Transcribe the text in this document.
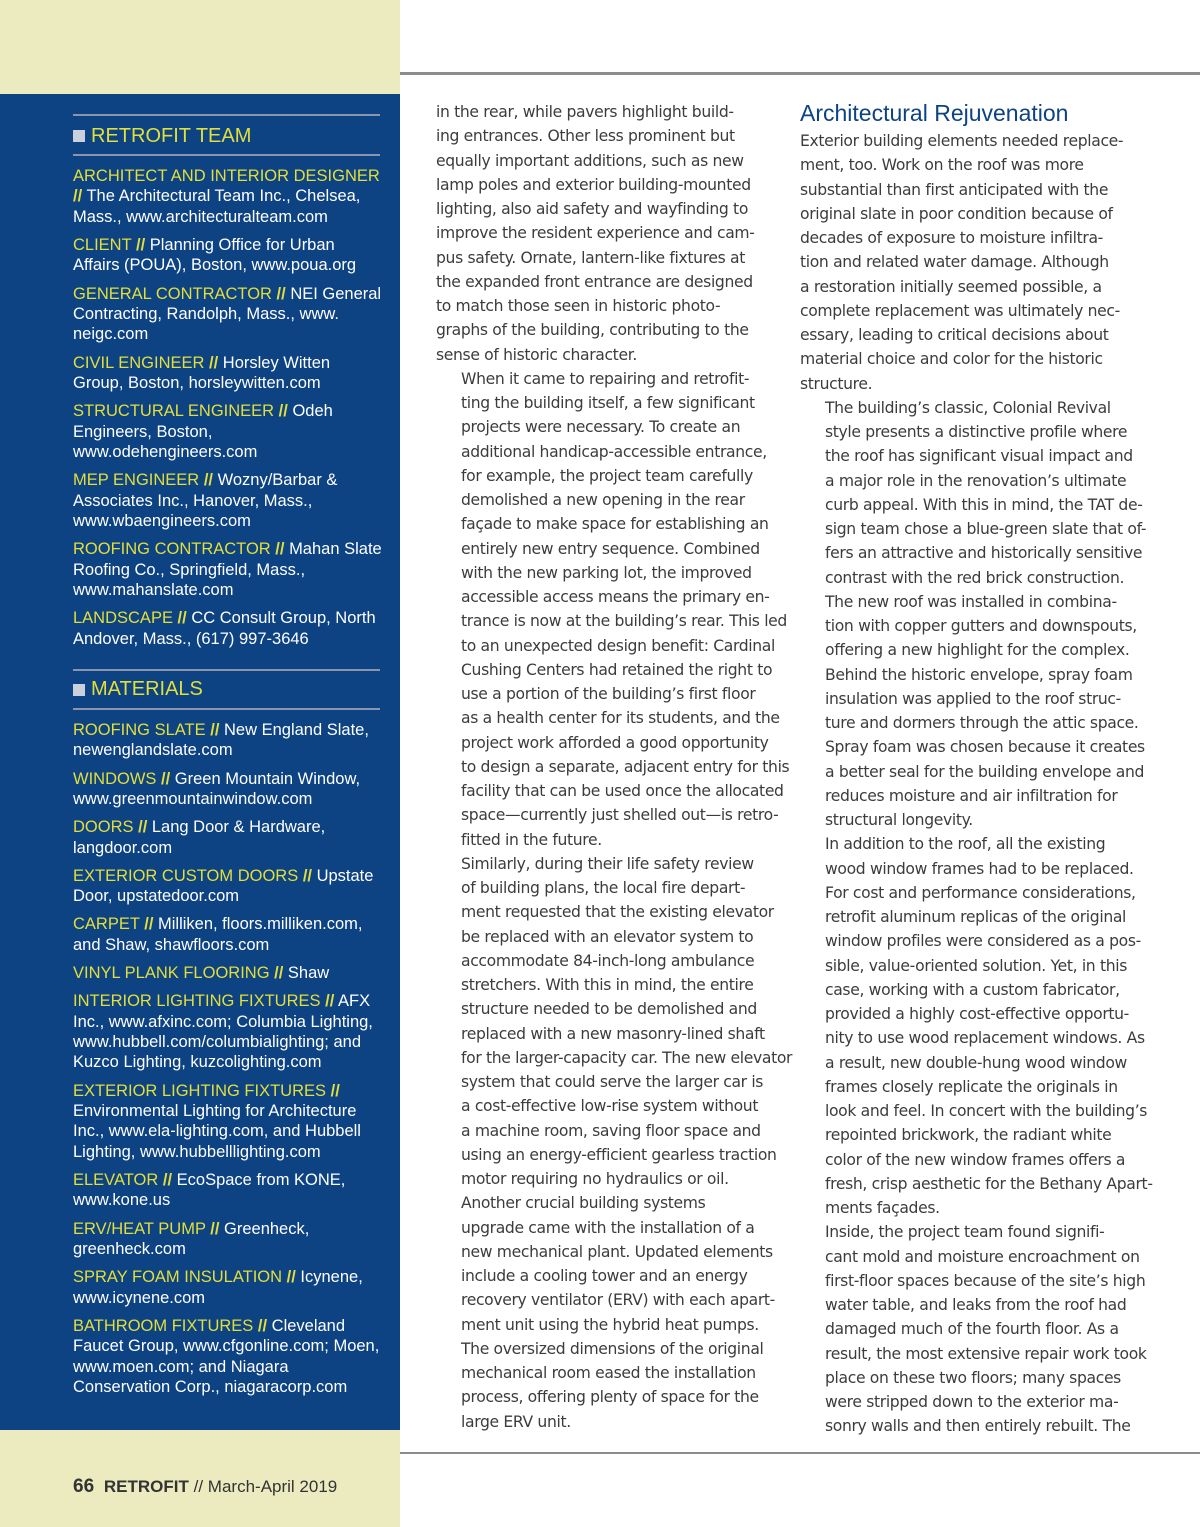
RETROFIT TEAM
ARCHITECT AND INTERIOR DESIGNER // The Architectural Team Inc., Chelsea, Mass., www.architecturalteam.com
CLIENT // Planning Office for Urban Affairs (POUA), Boston, www.poua.org
GENERAL CONTRACTOR // NEI General Contracting, Randolph, Mass., www. neigc.com
CIVIL ENGINEER // Horsley Witten Group, Boston, horsleywitten.com
STRUCTURAL ENGINEER // Odeh Engineers, Boston, www.odehengineers.com
MEP ENGINEER // Wozny/Barbar & Associates Inc., Hanover, Mass., www.wbaengineers.com
ROOFING CONTRACTOR // Mahan Slate Roofing Co., Springfield, Mass., www.mahanslate.com
LANDSCAPE // CC Consult Group, North Andover, Mass., (617) 997-3646
MATERIALS
ROOFING SLATE // New England Slate, newenglandslate.com
WINDOWS // Green Mountain Window, www.greenmountainwindow.com
DOORS // Lang Door & Hardware, langdoor.com
EXTERIOR CUSTOM DOORS // Upstate Door, upstatedoor.com
CARPET // Milliken, floors.milliken.com, and Shaw, shawfloors.com
VINYL PLANK FLOORING // Shaw
INTERIOR LIGHTING FIXTURES // AFX Inc., www.afxinc.com; Columbia Lighting, www.hubbell.com/columbialighting; and Kuzco Lighting, kuzcolighting.com
EXTERIOR LIGHTING FIXTURES // Environmental Lighting for Architecture Inc., www.ela-lighting.com, and Hubbell Lighting, www.hubbelllighting.com
ELEVATOR // EcoSpace from KONE, www.kone.us
ERV/HEAT PUMP // Greenheck, greenheck.com
SPRAY FOAM INSULATION // Icynene, www.icynene.com
BATHROOM FIXTURES // Cleveland Faucet Group, www.cfgonline.com; Moen, www.moen.com; and Niagara Conservation Corp., niagaracorp.com

in the rear, while pavers highlight build-
ing entrances. Other less prominent but
equally important additions, such as new
lamp poles and exterior building-mounted
lighting, also aid safety and wayfinding to
improve the resident experience and cam-
pus safety. Ornate, lantern-like fixtures at
the expanded front entrance are designed
to match those seen in historic photo-
graphs of the building, contributing to the
sense of historic character.

When it came to repairing and retrofit-
ting the building itself, a few significant
projects were necessary. To create an
additional handicap-accessible entrance,
for example, the project team carefully
demolished a new opening in the rear
façade to make space for establishing an
entirely new entry sequence. Combined
with the new parking lot, the improved
accessible access means the primary en-
trance is now at the building’s rear. This led
to an unexpected design benefit: Cardinal
Cushing Centers had retained the right to
use a portion of the building’s first floor
as a health center for its students, and the
project work afforded a good opportunity
to design a separate, adjacent entry for this
facility that can be used once the allocated
space—currently just shelled out—is retro-
fitted in the future.

Similarly, during their life safety review
of building plans, the local fire depart-
ment requested that the existing elevator
be replaced with an elevator system to
accommodate 84-inch-long ambulance
stretchers. With this in mind, the entire
structure needed to be demolished and
replaced with a new masonry-lined shaft
for the larger-capacity car. The new elevator
system that could serve the larger car is
a cost-effective low-rise system without
a machine room, saving floor space and
using an energy-efficient gearless traction
motor requiring no hydraulics or oil.

Another crucial building systems
upgrade came with the installation of a
new mechanical plant. Updated elements
include a cooling tower and an energy
recovery ventilator (ERV) with each apart-
ment unit using the hybrid heat pumps.
The oversized dimensions of the original
mechanical room eased the installation
process, offering plenty of space for the
large ERV unit.

Architectural Rejuvenation

Exterior building elements needed replace-
ment, too. Work on the roof was more
substantial than first anticipated with the
original slate in poor condition because of
decades of exposure to moisture infiltra-
tion and related water damage. Although
a restoration initially seemed possible, a
complete replacement was ultimately nec-
essary, leading to critical decisions about
material choice and color for the historic
structure.

The building’s classic, Colonial Revival
style presents a distinctive profile where
the roof has significant visual impact and
a major role in the renovation’s ultimate
curb appeal. With this in mind, the TAT de-
sign team chose a blue-green slate that of-
fers an attractive and historically sensitive
contrast with the red brick construction.
The new roof was installed in combina-
tion with copper gutters and downspouts,
offering a new highlight for the complex.
Behind the historic envelope, spray foam
insulation was applied to the roof struc-
ture and dormers through the attic space.
Spray foam was chosen because it creates
a better seal for the building envelope and
reduces moisture and air infiltration for
structural longevity.

In addition to the roof, all the existing
wood window frames had to be replaced.
For cost and performance considerations,
retrofit aluminum replicas of the original
window profiles were considered as a pos-
sible, value-oriented solution. Yet, in this
case, working with a custom fabricator,
provided a highly cost-effective opportu-
nity to use wood replacement windows. As
a result, new double-hung wood window
frames closely replicate the originals in
look and feel. In concert with the building’s
repointed brickwork, the radiant white
color of the new window frames offers a
fresh, crisp aesthetic for the Bethany Apart-
ments façades.

Inside, the project team found signifi-
cant mold and moisture encroachment on
first-floor spaces because of the site’s high
water table, and leaks from the roof had
damaged much of the fourth floor. As a
result, the most extensive repair work took
place on these two floors; many spaces
were stripped down to the exterior ma-
sonry walls and then entirely rebuilt. The

66 RETROFIT // March-April 2019
